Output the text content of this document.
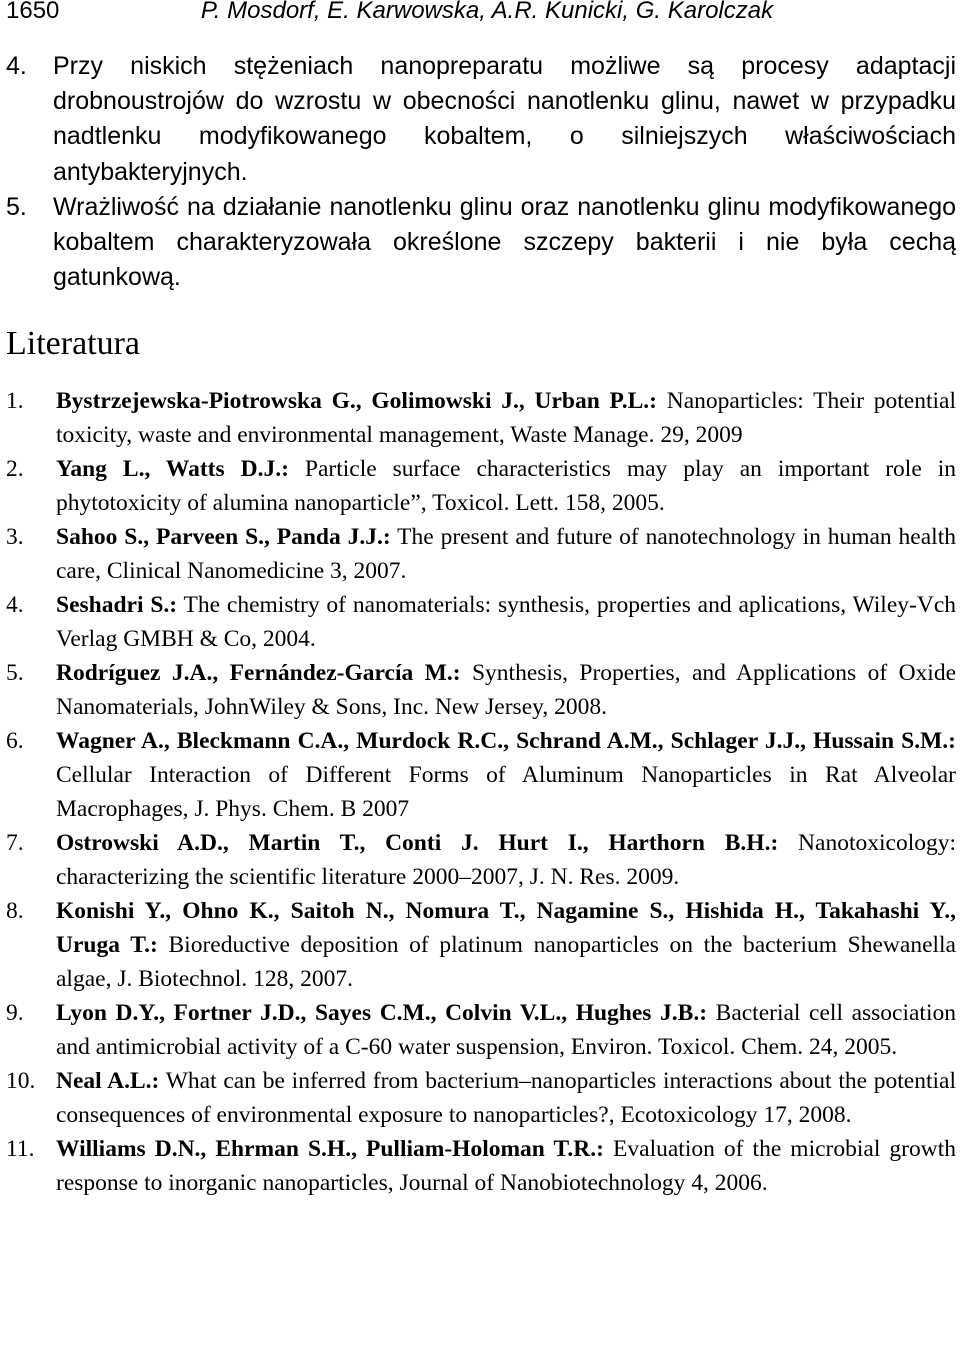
1650	P. Mosdorf, E. Karwowska, A.R. Kunicki, G. Karolczak
4.	Przy niskich stężeniach nanopreparatu możliwe są procesy adaptacji drobnoustrojów do wzrostu w obecności nanotlenku glinu, nawet w przypadku nadtlenku modyfikowanego kobaltem, o silniejszych właściwościach antybakteryjnych.
5.	Wrażliwość na działanie nanotlenku glinu oraz nanotlenku glinu modyfikowanego kobaltem charakteryzowała określone szczepy bakterii i nie była cechą gatunkową.
Literatura
1.	Bystrzejewska-Piotrowska G., Golimowski J., Urban P.L.: Nanoparticles: Their potential toxicity, waste and environmental management, Waste Manage. 29, 2009
2.	Yang L., Watts D.J.: Particle surface characteristics may play an important role in phytotoxicity of alumina nanoparticle”, Toxicol. Lett. 158, 2005.
3.	Sahoo S., Parveen S., Panda J.J.: The present and future of nanotechnology in human health care, Clinical Nanomedicine 3, 2007.
4.	Seshadri S.: The chemistry of nanomaterials: synthesis, properties and aplications, Wiley-Vch Verlag GMBH & Co, 2004.
5.	Rodríguez J.A., Fernández-García M.: Synthesis, Properties, and Applications of Oxide Nanomaterials, JohnWiley & Sons, Inc. New Jersey, 2008.
6.	Wagner A., Bleckmann C.A., Murdock R.C., Schrand A.M., Schlager J.J., Hussain S.M.: Cellular Interaction of Different Forms of Aluminum Nanoparticles in Rat Alveolar Macrophages, J. Phys. Chem. B 2007
7.	Ostrowski A.D., Martin T., Conti J. Hurt I., Harthorn B.H.: Nanotoxicology: characterizing the scientific literature 2000–2007, J. N. Res. 2009.
8.	Konishi Y., Ohno K., Saitoh N., Nomura T., Nagamine S., Hishida H., Takahashi Y., Uruga T.: Bioreductive deposition of platinum nanoparticles on the bacterium Shewanella algae, J. Biotechnol. 128, 2007.
9.	Lyon D.Y., Fortner J.D., Sayes C.M., Colvin V.L., Hughes J.B.: Bacterial cell association and antimicrobial activity of a C-60 water suspension, Environ. Toxicol. Chem. 24, 2005.
10. Neal A.L.: What can be inferred from bacterium–nanoparticles interactions about the potential consequences of environmental exposure to nanoparticles?, Ecotoxicology 17, 2008.
11. Williams D.N., Ehrman S.H., Pulliam-Holoman T.R.: Evaluation of the microbial growth response to inorganic nanoparticles, Journal of Nanobiotechnology 4, 2006.
